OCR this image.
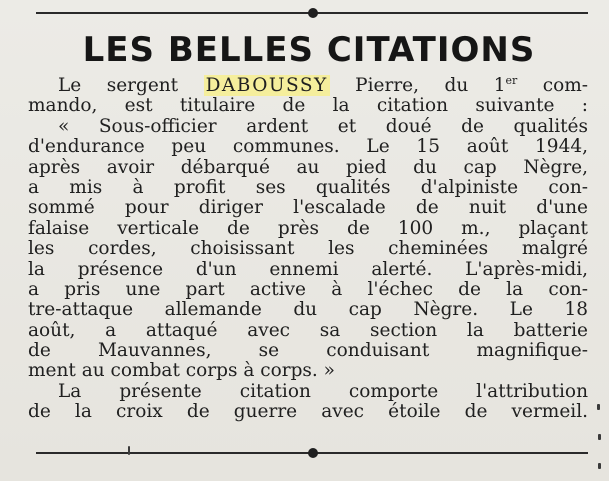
LES BELLES CITATIONS
Le sergent DABOUSSY Pierre, du 1er com-
mando, est titulaire de la citation suivante :
« Sous-officier ardent et doué de qualités
d'endurance peu communes. Le 15 août 1944,
après avoir débarqué au pied du cap Nègre,
a mis à profit ses qualités d'alpiniste con-
sommé pour diriger l'escalade de nuit d'une
falaise verticale de près de 100 m., plaçant
les cordes, choisissant les cheminées malgré
la présence d'un ennemi alerté. L'après-midi,
a pris une part active à l'échec de la con-
tre-attaque allemande du cap Nègre. Le 18
août, a attaqué avec sa section la batterie
de Mauvannes, se conduisant magnifique-
ment au combat corps à corps. »
La présente citation comporte l'attribution
de la croix de guerre avec étoile de vermeil.
